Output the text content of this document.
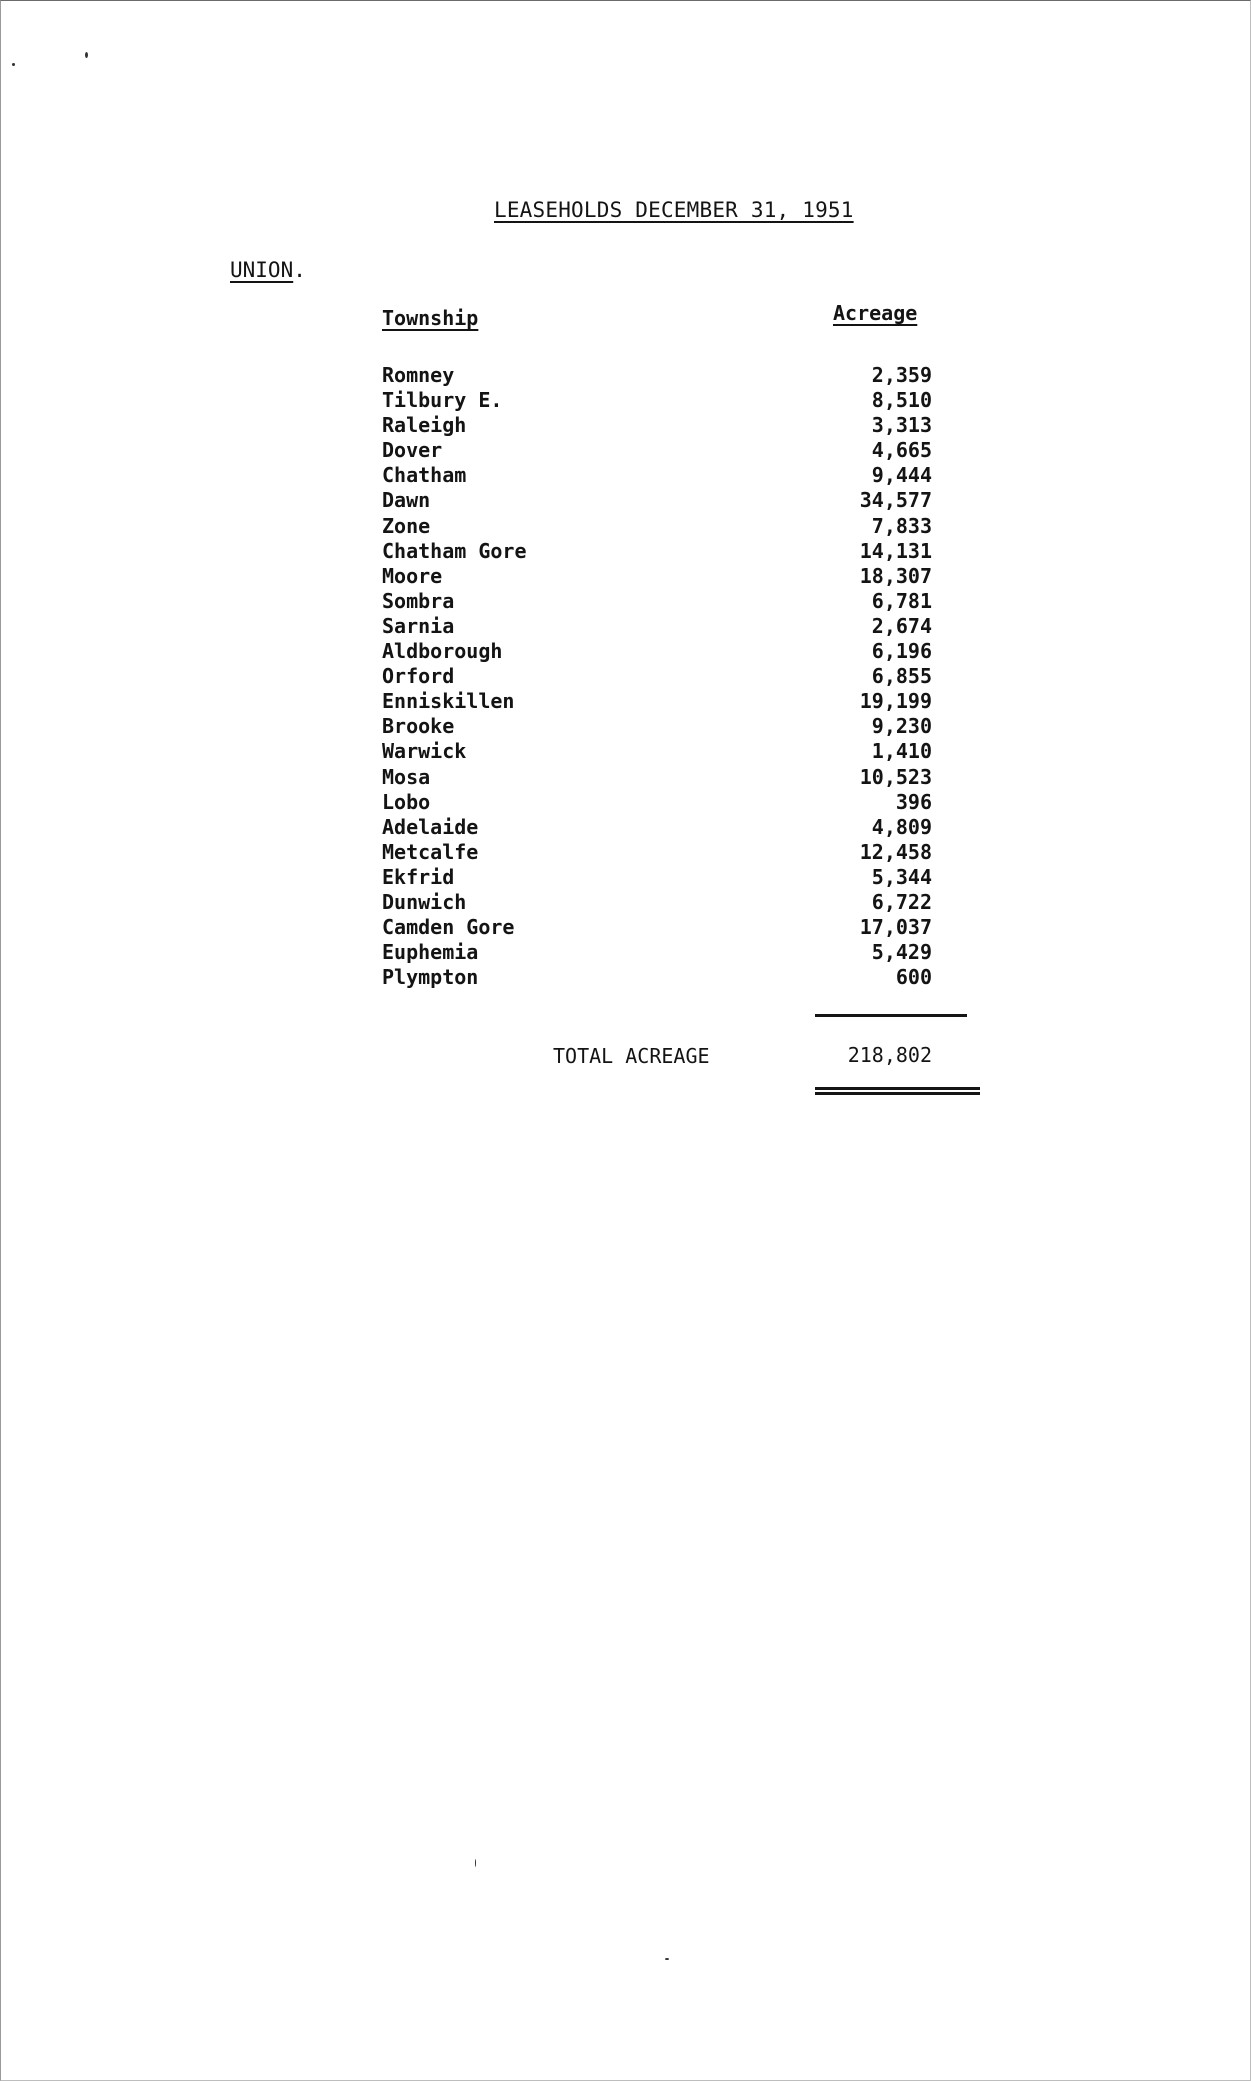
LEASEHOLDS DECEMBER 31, 1951
UNION.
Township	Acreage
Romney	2,359
Tilbury E.	8,510
Raleigh	3,313
Dover	4,665
Chatham	9,444
Dawn	34,577
Zone	7,833
Chatham Gore	14,131
Moore	18,307
Sombra	6,781
Sarnia	2,674
Aldborough	6,196
Orford	6,855
Enniskillen	19,199
Brooke	9,230
Warwick	1,410
Mosa	10,523
Lobo	396
Adelaide	4,809
Metcalfe	12,458
Ekfrid	5,344
Dunwich	6,722
Camden Gore	17,037
Euphemia	5,429
Plympton	600
TOTAL ACREAGE	218,802
